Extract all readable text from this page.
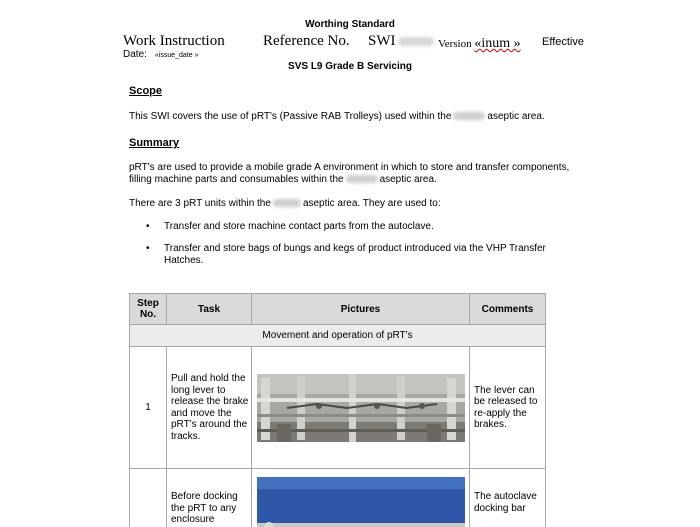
Worthing Standard
Work Instruction	Reference No. SWI	Version «inum » Effective
Date: «issue_date »
SVS L9 Grade B Servicing
Scope
This SWI covers the use of pRT's (Passive RAB Trolleys) used within the	aseptic area.
Summary
pRT's are used to provide a mobile grade A environment in which to store and transfer components, filling machine parts and consumables within the	aseptic area.
There are 3 pRT units within the	aseptic area. They are used to:
• Transfer and store machine contact parts from the autoclave.
• Transfer and store bags of bungs and kegs of product introduced via the VHP Transfer Hatches.
Step No.	Task	Pictures	Comments
Movement and operation of pRT's			
1	Pull and hold the long lever to release the brake and move the pRT's around the tracks.		The lever can be released to re-apply the brakes.
	Before docking the pRT to any enclosure		The autoclave docking bar
